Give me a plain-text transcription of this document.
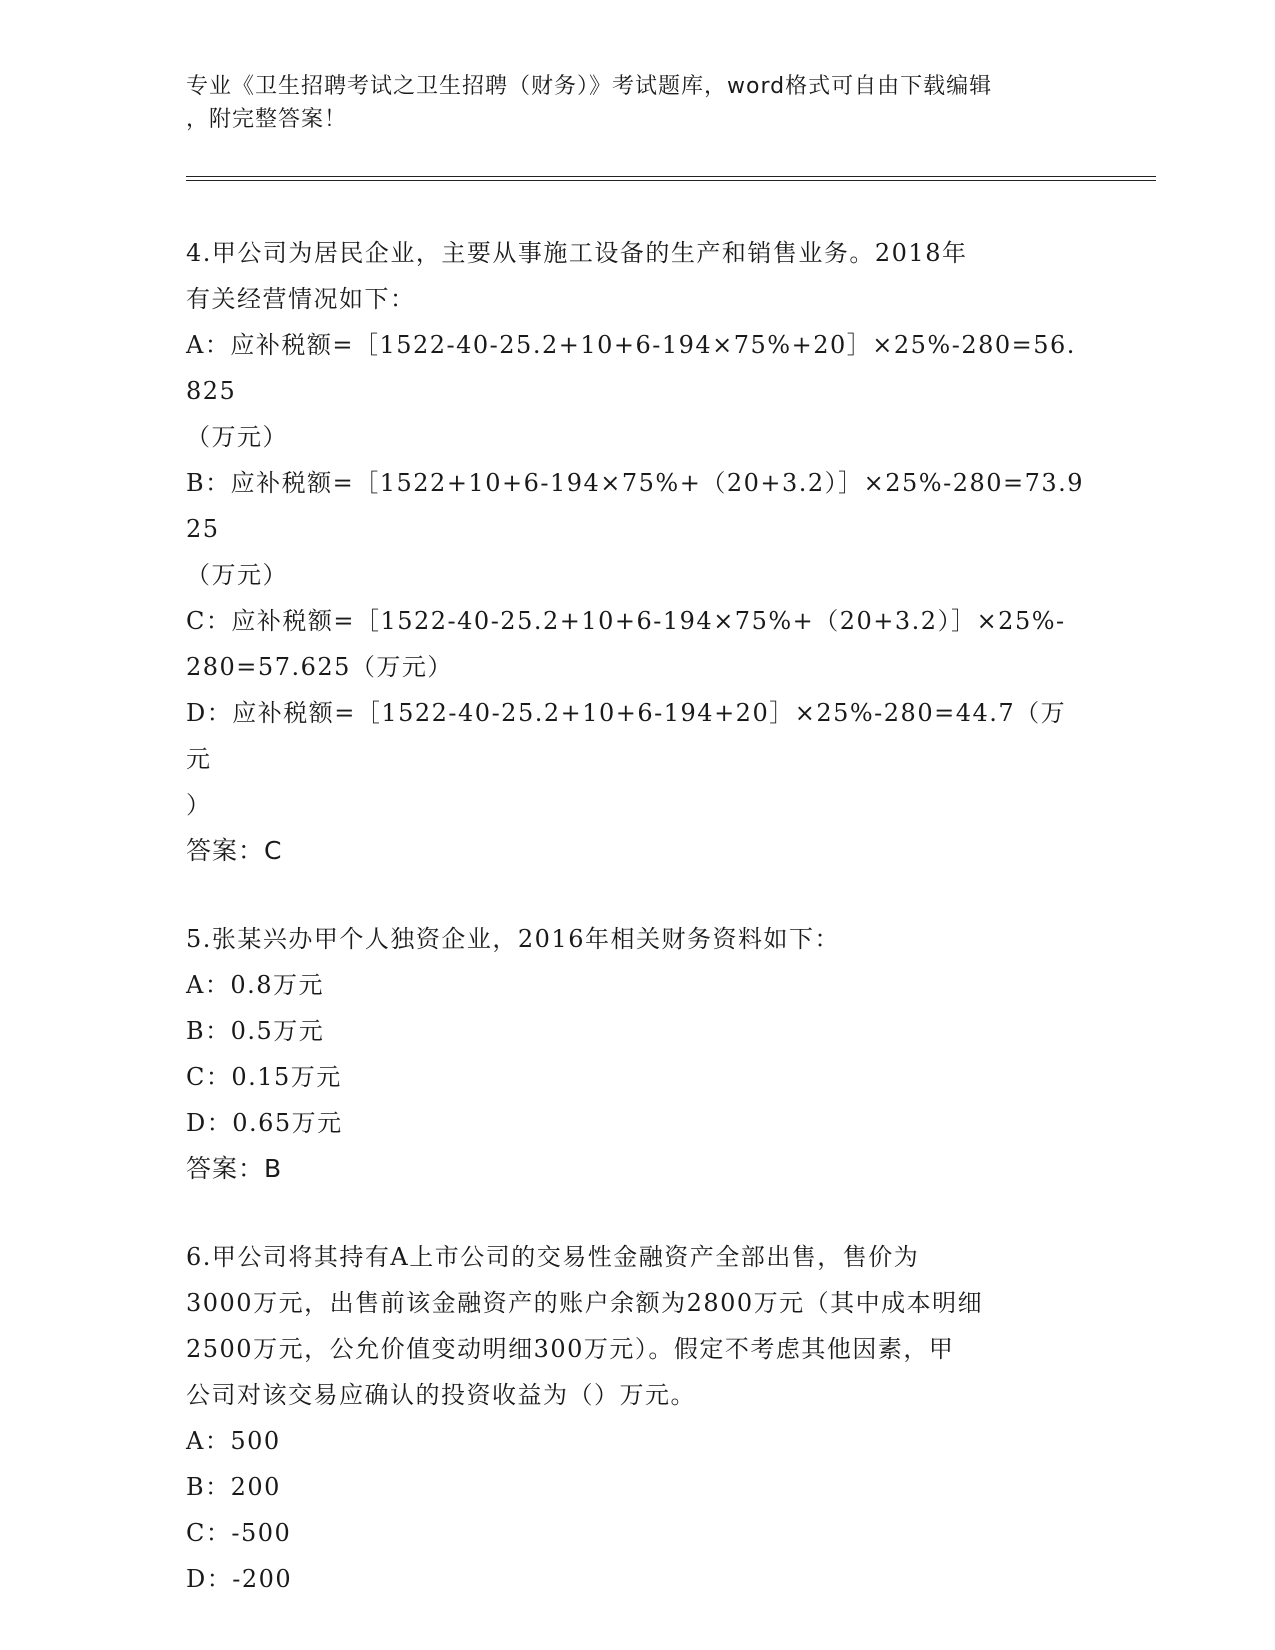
专业《卫生招聘考试之卫生招聘（财务）》考试题库，word格式可自由下载编辑
，附完整答案！
4.甲公司为居民企业，主要从事施工设备的生产和销售业务。2018年
有关经营情况如下：
A：应补税额=［1522-40-25.2+10+6-194×75%+20］×25%-280=56.825
（万元）
B：应补税额=［1522+10+6-194×75%+（20+3.2）］×25%-280=73.925
（万元）
C：应补税额=［1522-40-25.2+10+6-194×75%+（20+3.2）］×25%-
280=57.625（万元）
D：应补税额=［1522-40-25.2+10+6-194+20］×25%-280=44.7（万元
）
答案：C
5.张某兴办甲个人独资企业，2016年相关财务资料如下：
A：0.8万元
B：0.5万元
C：0.15万元
D：0.65万元
答案：B
6.甲公司将其持有A上市公司的交易性金融资产全部出售，售价为
3000万元，出售前该金融资产的账户余额为2800万元（其中成本明细
2500万元，公允价值变动明细300万元）。假定不考虑其他因素，甲
公司对该交易应确认的投资收益为（）万元。
A：500
B：200
C：-500
D：-200
